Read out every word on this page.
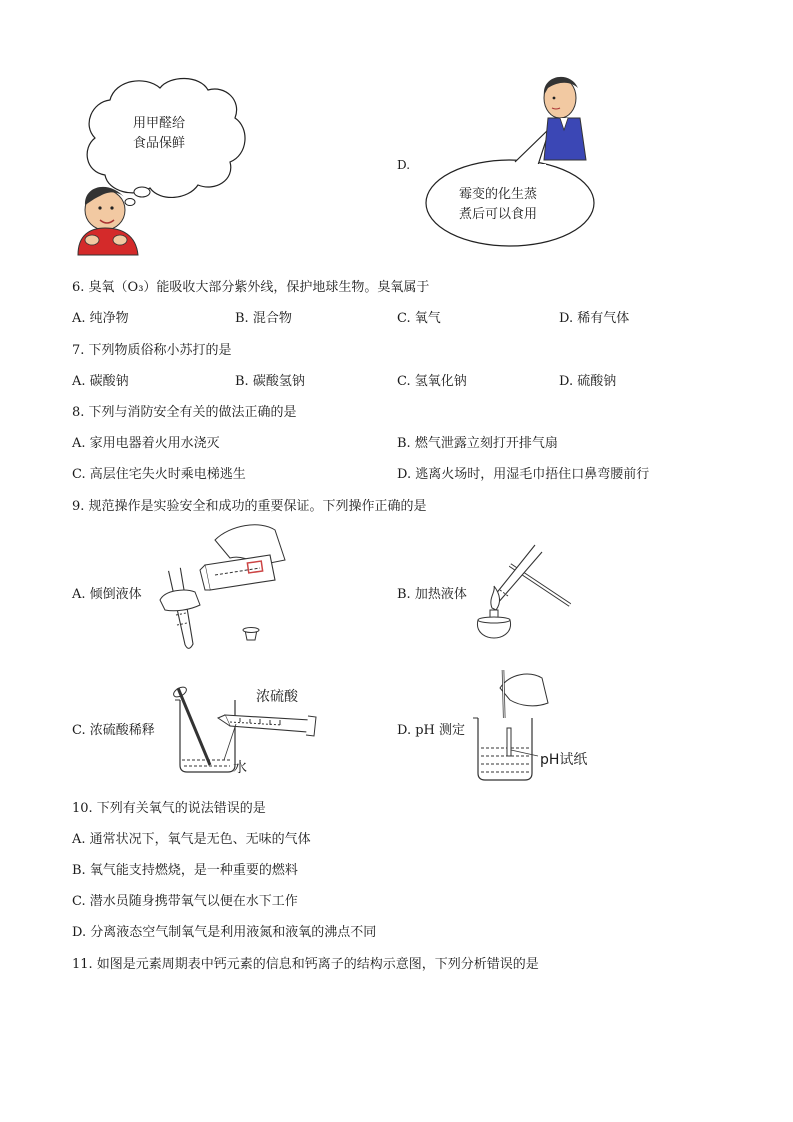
用甲醛给
食品保鲜
D.
霉变的化生蒸
煮后可以食用
6. 臭氧（O₃）能吸收大部分紫外线，保护地球生物。臭氧属于
A. 纯净物	B. 混合物	C. 氧气	D. 稀有气体
7. 下列物质俗称小苏打的是
A. 碳酸钠	B. 碳酸氢钠	C. 氢氧化钠	D. 硫酸钠
8. 下列与消防安全有关的做法正确的是
A. 家用电器着火用水浇灭	B. 燃气泄露立刻打开排气扇
C. 高层住宅失火时乘电梯逃生	D. 逃离火场时，用湿毛巾捂住口鼻弯腰前行
9. 规范操作是实验安全和成功的重要保证。下列操作正确的是
A. 倾倒液体	B. 加热液体
C. 浓硫酸稀释
浓硫酸
水
D. pH 测定
pH试纸
10. 下列有关氧气的说法错误的是
A. 通常状况下，氧气是无色、无味的气体
B. 氧气能支持燃烧，是一种重要的燃料
C. 潜水员随身携带氧气以便在水下工作
D. 分离液态空气制氧气是利用液氮和液氧的沸点不同
11. 如图是元素周期表中钙元素的信息和钙离子的结构示意图，下列分析错误的是
